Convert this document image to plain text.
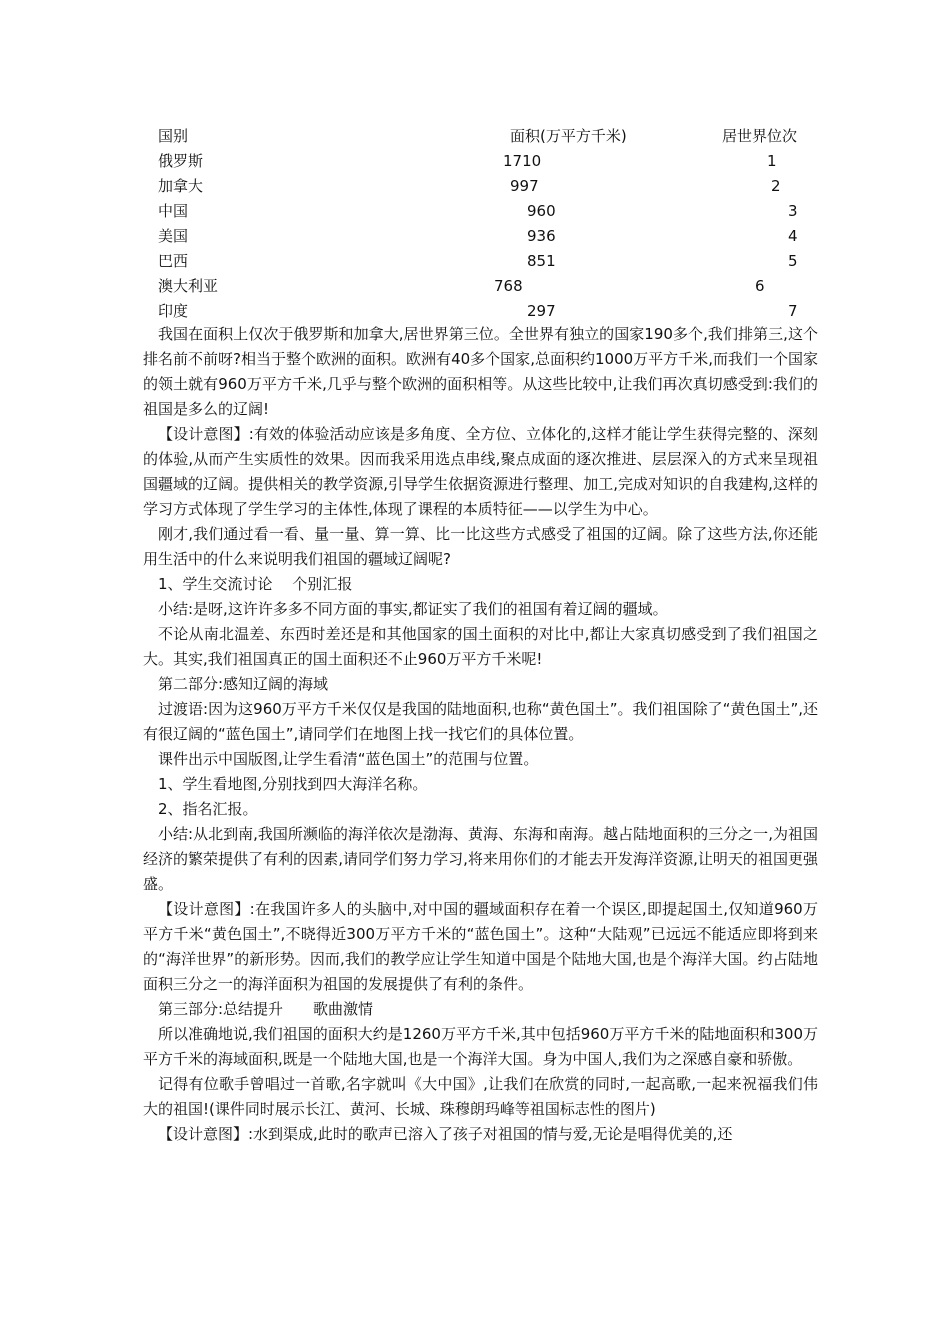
国别	面积(万平方千米)	居世界位次
俄罗斯	1710	1
加拿大	997	2
中国	960	3
美国	936	4
巴西	851	5
澳大利亚	768	6
印度	297	7

我国在面积上仅次于俄罗斯和加拿大,居世界第三位。全世界有独立的国家190多个,我们排第三,这个排名前不前呀?相当于整个欧洲的面积。欧洲有40多个国家,总面积约1000万平方千米,而我们一个国家的领土就有960万平方千米,几乎与整个欧洲的面积相等。从这些比较中,让我们再次真切感受到:我们的祖国是多么的辽阔!

【设计意图】:有效的体验活动应该是多角度、全方位、立体化的,这样才能让学生获得完整的、深刻的体验,从而产生实质性的效果。因而我采用选点串线,聚点成面的逐次推进、层层深入的方式来呈现祖国疆域的辽阔。提供相关的教学资源,引导学生依据资源进行整理、加工,完成对知识的自我建构,这样的学习方式体现了学生学习的主体性,体现了课程的本质特征——以学生为中心。

刚才,我们通过看一看、量一量、算一算、比一比这些方式感受了祖国的辽阔。除了这些方法,你还能用生活中的什么来说明我们祖国的疆域辽阔呢?

1、学生交流讨论　 个别汇报

小结:是呀,这许许多多不同方面的事实,都证实了我们的祖国有着辽阔的疆域。

不论从南北温差、东西时差还是和其他国家的国土面积的对比中,都让大家真切感受到了我们祖国之大。其实,我们祖国真正的国土面积还不止960万平方千米呢!

第二部分:感知辽阔的海域

过渡语:因为这960万平方千米仅仅是我国的陆地面积,也称“黄色国土”。我们祖国除了“黄色国土”,还有很辽阔的“蓝色国土”,请同学们在地图上找一找它们的具体位置。

课件出示中国版图,让学生看清“蓝色国土”的范围与位置。

1、学生看地图,分别找到四大海洋名称。

2、指名汇报。

小结:从北到南,我国所濒临的海洋依次是渤海、黄海、东海和南海。越占陆地面积的三分之一,为祖国经济的繁荣提供了有利的因素,请同学们努力学习,将来用你们的才能去开发海洋资源,让明天的祖国更强盛。

【设计意图】:在我国许多人的头脑中,对中国的疆域面积存在着一个误区,即提起国土,仅知道960万平方千米“黄色国土”,不晓得近300万平方千米的“蓝色国土”。这种“大陆观”已远远不能适应即将到来的“海洋世界”的新形势。因而,我们的教学应让学生知道中国是个陆地大国,也是个海洋大国。约占陆地面积三分之一的海洋面积为祖国的发展提供了有利的条件。

第三部分:总结提升　　歌曲激情

所以准确地说,我们祖国的面积大约是1260万平方千米,其中包括960万平方千米的陆地面积和300万平方千米的海域面积,既是一个陆地大国,也是一个海洋大国。身为中国人,我们为之深感自豪和骄傲。

记得有位歌手曾唱过一首歌,名字就叫《大中国》,让我们在欣赏的同时,一起高歌,一起来祝福我们伟大的祖国!(课件同时展示长江、黄河、长城、珠穆朗玛峰等祖国标志性的图片)

【设计意图】:水到渠成,此时的歌声已溶入了孩子对祖国的情与爱,无论是唱得优美的,还
